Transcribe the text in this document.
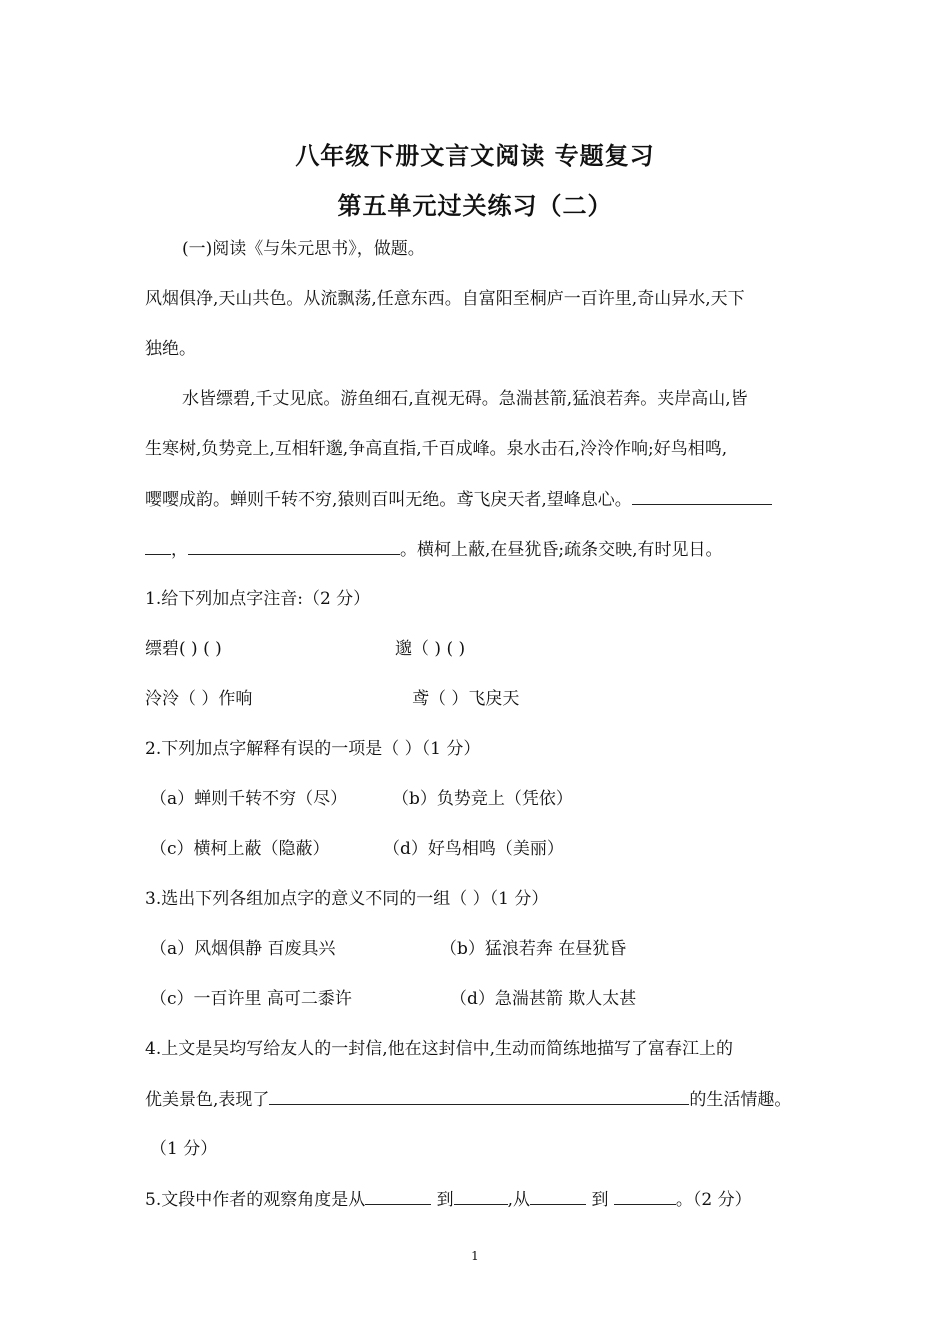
八年级下册文言文阅读 专题复习
第五单元过关练习（二）
(一)阅读《与朱元思书》，做题。
风烟俱净,天山共色。从流飘荡,任意东西。自富阳至桐庐一百许里,奇山异水,天下
独绝。
水皆缥碧,千丈见底。游鱼细石,直视无碍。急湍甚箭,猛浪若奔。夹岸高山,皆
生寒树,负势竞上,互相轩邈,争高直指,千百成峰。泉水击石,泠泠作响;好鸟相鸣,
嘤嘤成韵。蝉则千转不穷,猿则百叫无绝。鸢飞戾天者,望峰息心。
，	。横柯上蔽,在昼犹昏;疏条交映,有时见日。
1.给下列加点字注音:（2 分）
缥碧( ) ( )	邈（ ) ( )
泠泠（ ）作响	鸢（ ）飞戾天
2.下列加点字解释有误的一项是（ ）（1 分）
（a）蝉则千转不穷（尽）	（b）负势竞上（凭依）
（c）横柯上蔽（隐蔽）	（d）好鸟相鸣（美丽）
3.选出下列各组加点字的意义不同的一组（ ）（1 分）
（a）风烟俱静 百废具兴	（b）猛浪若奔 在昼犹昏
（c）一百许里 高可二黍许	（d）急湍甚箭 欺人太甚
4.上文是吴均写给友人的一封信,他在这封信中,生动而简练地描写了富春江上的
优美景色,表现了	的生活情趣。
（1 分）
5.文段中作者的观察角度是从	到	,从	到	。（2 分）
1
